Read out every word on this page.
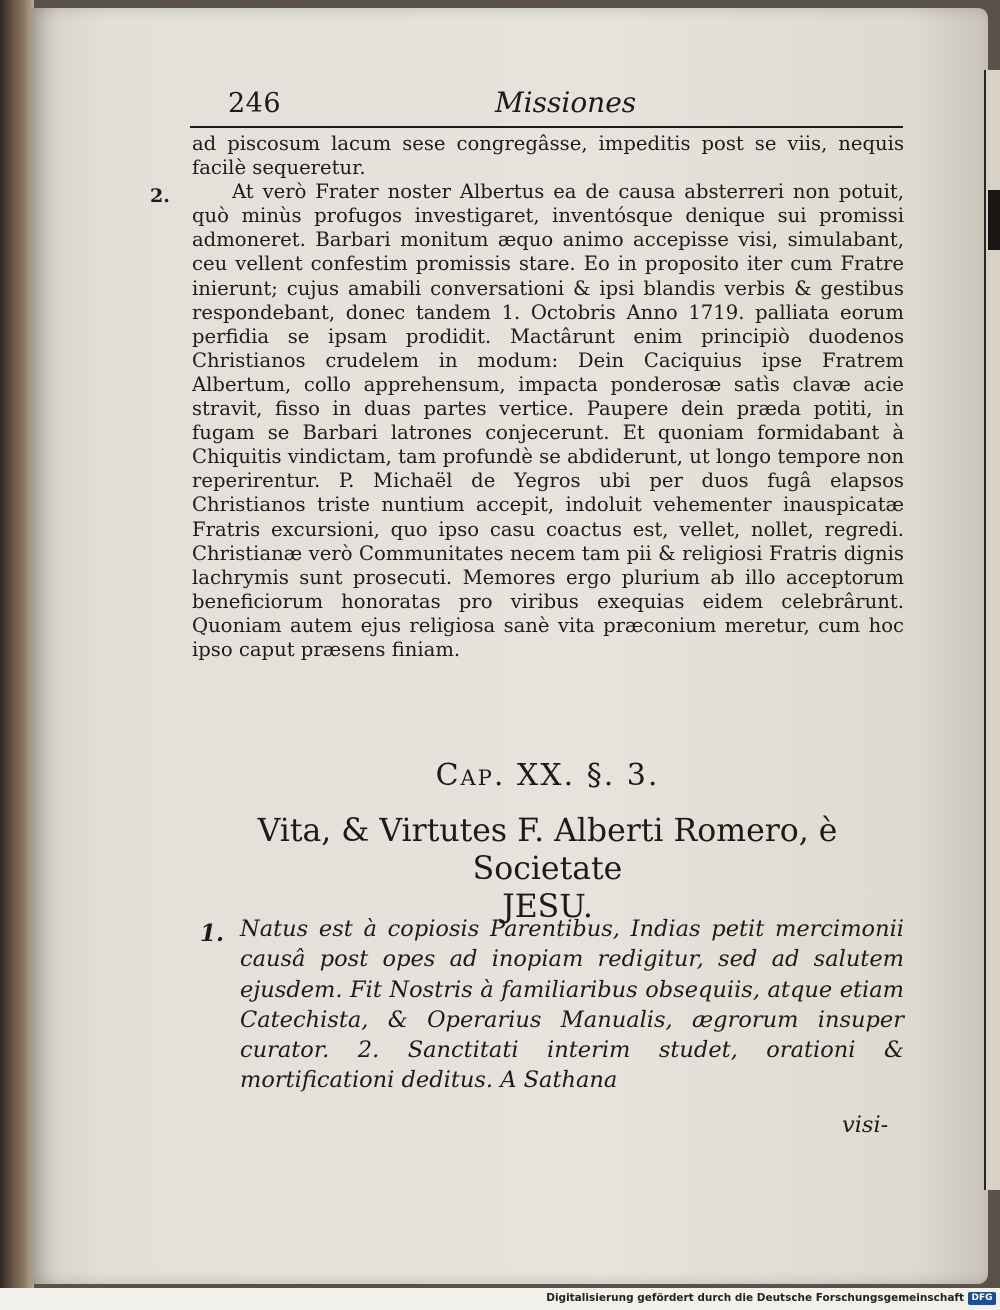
246	Missiones
2.

ad piscosum lacum sese congregâsse, impeditis post se viis, nequis facilè sequeretur.

At verò Frater noster Albertus ea de causa absterreri non potuit, quò minùs profugos investigaret, inventósque denique sui promissi admoneret. Barbari monitum æquo animo accepisse visi, simulabant, ceu vellent confestim promissis stare. Eo in proposito iter cum Fratre inierunt; cujus amabili conversationi & ipsi blandis verbis & gestibus respondebant, donec tandem 1. Octobris Anno 1719. palliata eorum perfidia se ipsam prodidit. Mactârunt enim principiò duodenos Christianos crudelem in modum: Dein Caciquius ipse Fratrem Albertum, collo apprehensum, impacta ponderosæ satìs clavæ acie stravit, fisso in duas partes vertice. Paupere dein præda potiti, in fugam se Barbari latrones conjecerunt. Et quoniam formidabant à Chiquitis vindictam, tam profundè se abdiderunt, ut longo tempore non reperirentur. P. Michaël de Yegros ubi per duos fugâ elapsos Christianos triste nuntium accepit, indoluit vehementer inauspicatæ Fratris excursioni, quo ipso casu coactus est, vellet, nollet, regredi. Christianæ verò Communitates necem tam pii & religiosi Fratris dignis lachrymis sunt prosecuti. Memores ergo plurium ab illo acceptorum beneficiorum honoratas pro viribus exequias eidem celebrârunt. Quoniam autem ejus religiosa sanè vita præconium meretur, cum hoc ipso caput præsens finiam.

Cap. XX. §. 3.
Vita, & Virtutes F. Alberti Romero, è Societate
JESU.
1. Natus est à copiosis Parentibus, Indias petit mercimonii causâ post opes ad inopiam redigitur, sed ad salutem ejusdem. Fit Nostris à familiaribus obsequiis, atque etiam Catechista, & Operarius Manualis, ægrorum insuper curator. 2. Sanctitati interim studet, orationi & mortificationi deditus. A Sathana

visi-
Digitalisierung gefördert durch die Deutsche Forschungsgemeinschaft DFG
